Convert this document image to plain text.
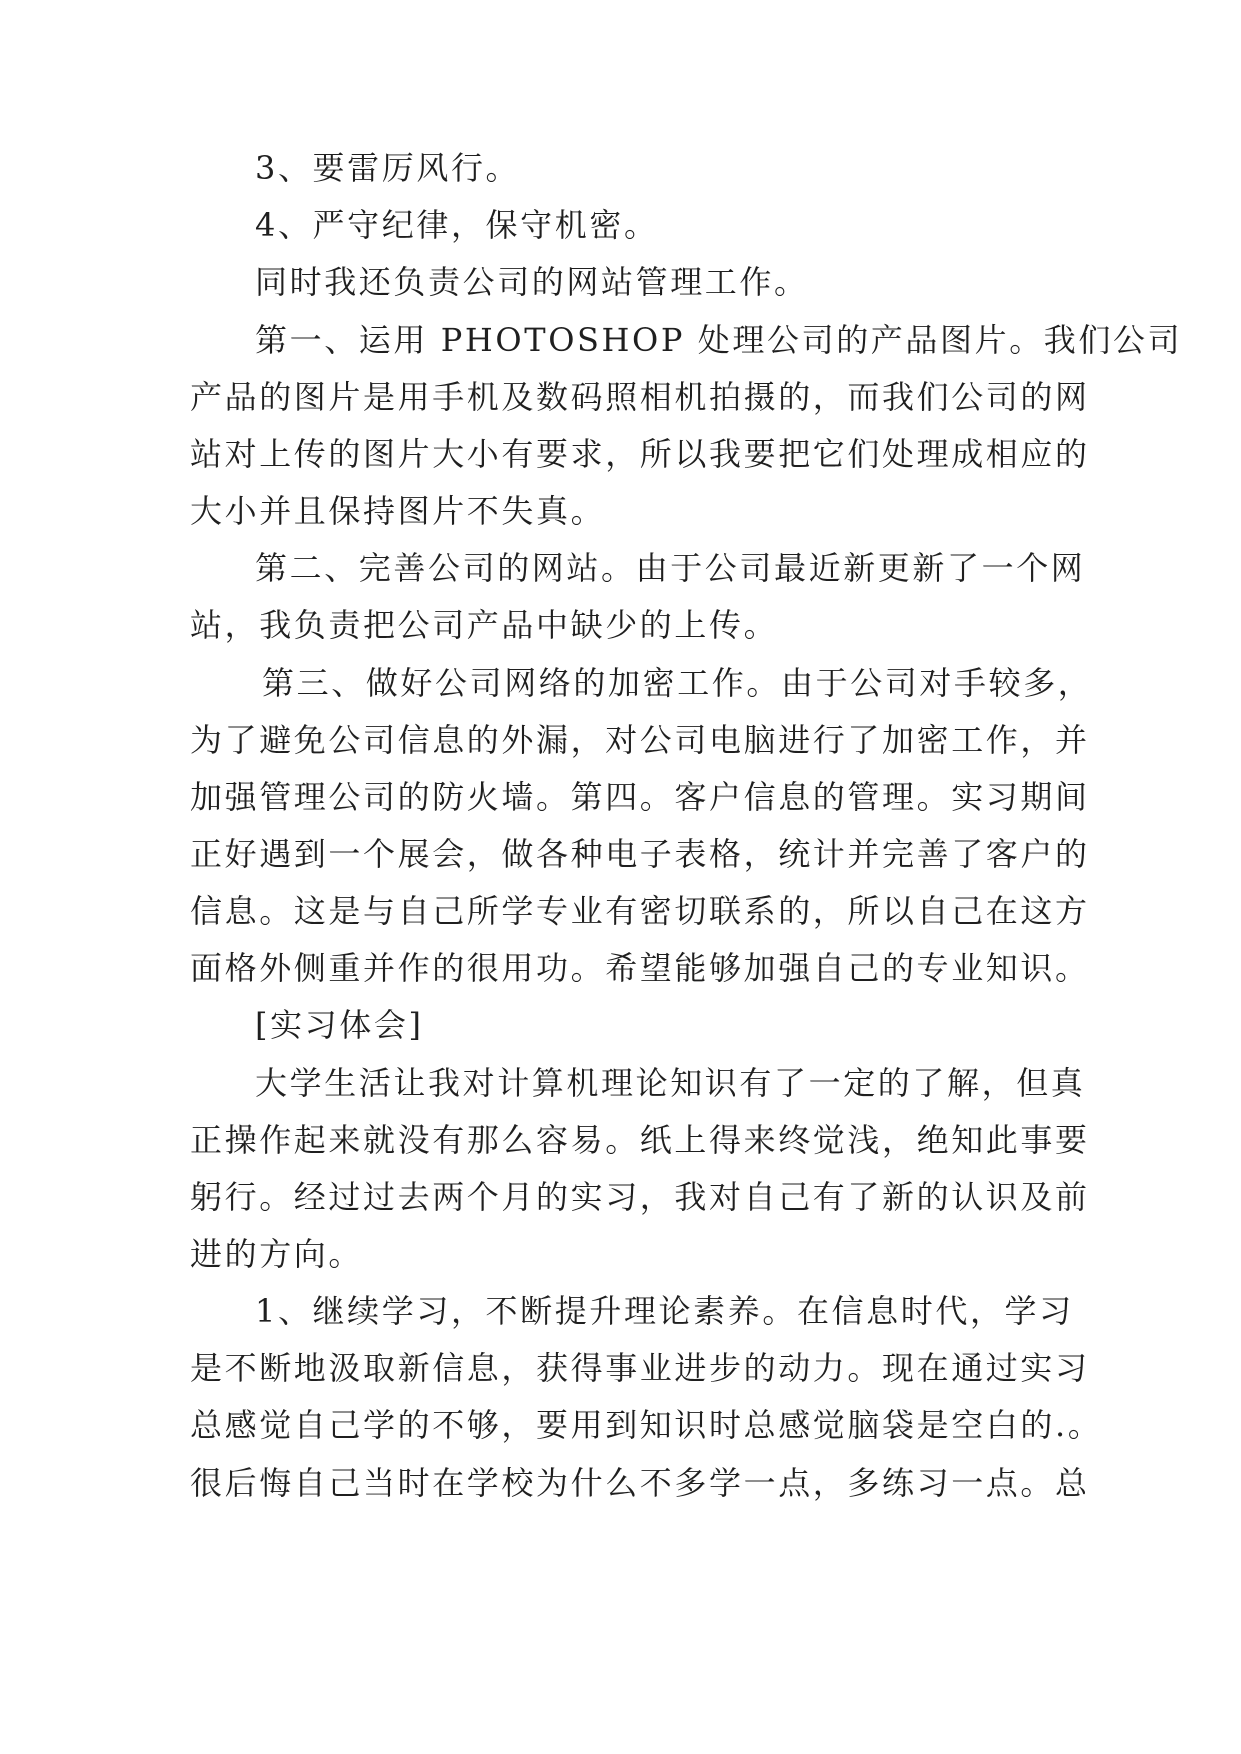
3、要雷厉风行。
4、严守纪律，保守机密。
同时我还负责公司的网站管理工作。
第一、运用 PHOTOSHOP 处理公司的产品图片。我们公司
产品的图片是用手机及数码照相机拍摄的，而我们公司的网
站对上传的图片大小有要求，所以我要把它们处理成相应的
大小并且保持图片不失真。
第二、完善公司的网站。由于公司最近新更新了一个网
站，我负责把公司产品中缺少的上传。
第三、做好公司网络的加密工作。由于公司对手较多，
为了避免公司信息的外漏，对公司电脑进行了加密工作，并
加强管理公司的防火墙。第四。客户信息的管理。实习期间
正好遇到一个展会，做各种电子表格，统计并完善了客户的
信息。这是与自己所学专业有密切联系的，所以自己在这方
面格外侧重并作的很用功。希望能够加强自己的专业知识。
[实习体会]
大学生活让我对计算机理论知识有了一定的了解，但真
正操作起来就没有那么容易。纸上得来终觉浅，绝知此事要
躬行。经过过去两个月的实习，我对自己有了新的认识及前
进的方向。
1、继续学习，不断提升理论素养。在信息时代，学习
是不断地汲取新信息，获得事业进步的动力。现在通过实习
总感觉自己学的不够，要用到知识时总感觉脑袋是空白的.。
很后悔自己当时在学校为什么不多学一点，多练习一点。总
